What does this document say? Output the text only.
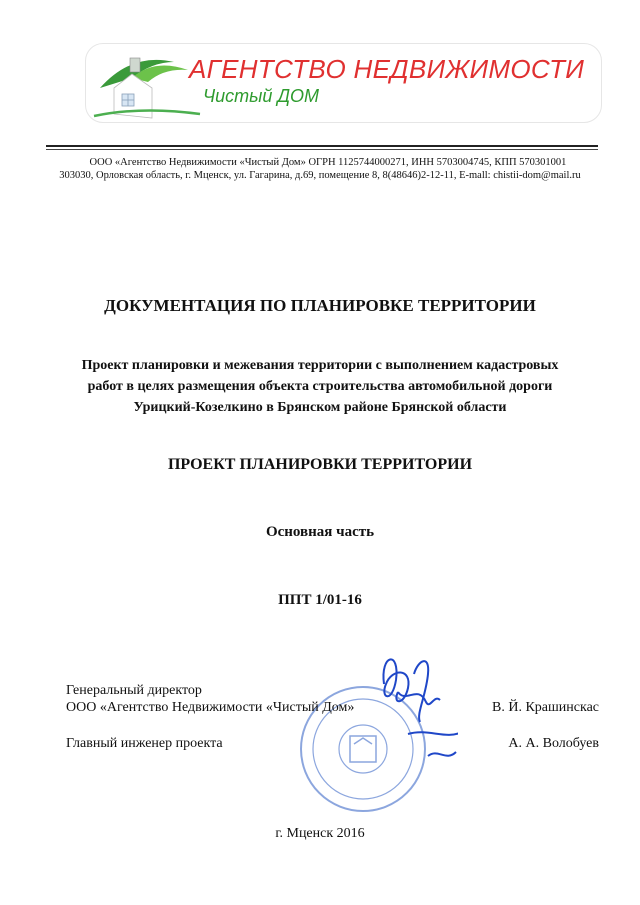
АГЕНТСТВО НЕДВИЖИМОСТИ
Чистый ДОМ
ООО «Агентство Недвижимости «Чистый Дом» ОГРН 1125744000271, ИНН 5703004745, КПП 570301001
303030, Орловская область, г. Мценск, ул. Гагарина, д.69, помещение 8, 8(48646)2-12-11, E-mall: chistii-dom@mail.ru
ДОКУМЕНТАЦИЯ ПО ПЛАНИРОВКЕ ТЕРРИТОРИИ
Проект планировки и межевания территории с выполнением кадастровых
работ в целях размещения объекта строительства автомобильной дороги
Урицкий-Козелкино в Брянском районе Брянской области
ПРОЕКТ ПЛАНИРОВКИ ТЕРРИТОРИИ
Основная часть
ППТ 1/01-16
Генеральный директор
ООО «Агентство Недвижимости «Чистый Дом»	В. Й. Крашинскас
Главный инженер проекта	А. А. Волобуев
г. Мценск 2016
